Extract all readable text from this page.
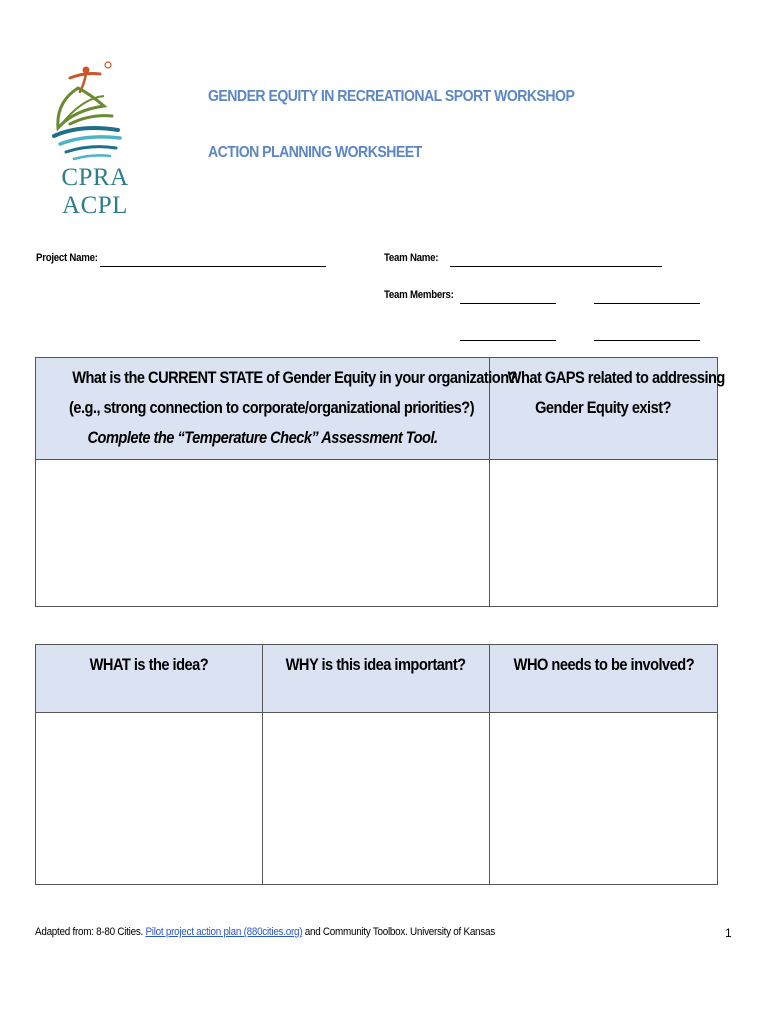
CPRA ACPL
GENDER EQUITY IN RECREATIONAL SPORT WORKSHOP
ACTION PLANNING WORKSHEET
Project Name:	Team Name:
Team Members:
What is the CURRENT STATE of Gender Equity in your organization?
(e.g., strong connection to corporate/organizational priorities?)
Complete the “Temperature Check” Assessment Tool.	What GAPS related to addressing
Gender Equity exist?

WHAT is the idea?	WHY is this idea important?	WHO needs to be involved?

Adapted from: 8-80 Cities. Pilot project action plan (880cities.org) and Community Toolbox. University of Kansas	1
